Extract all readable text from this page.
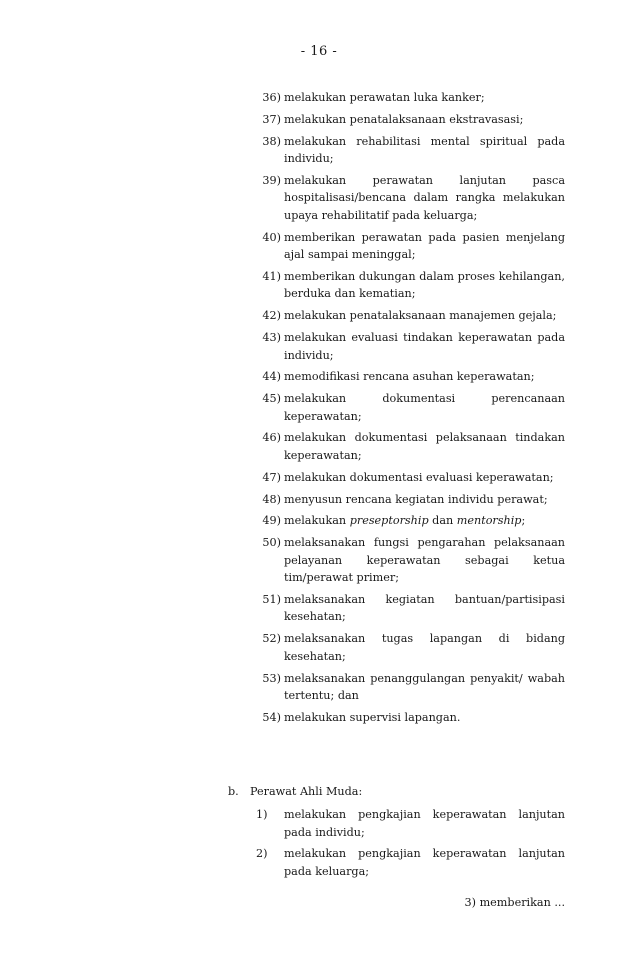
- 16 -
36) melakukan perawatan luka kanker;
37) melakukan penatalaksanaan ekstravasasi;
38) melakukan rehabilitasi mental spiritual pada individu;
39) melakukan perawatan lanjutan pasca hospitalisasi/bencana dalam rangka melakukan upaya rehabilitatif pada keluarga;
40) memberikan perawatan pada pasien menjelang ajal sampai meninggal;
41) memberikan dukungan dalam proses kehilangan, berduka dan kematian;
42) melakukan penatalaksanaan manajemen gejala;
43) melakukan evaluasi tindakan keperawatan pada individu;
44) memodifikasi rencana asuhan keperawatan;
45) melakukan dokumentasi perencanaan keperawatan;
46) melakukan dokumentasi pelaksanaan tindakan keperawatan;
47) melakukan dokumentasi evaluasi keperawatan;
48) menyusun rencana kegiatan individu perawat;
49) melakukan preseptorship dan mentorship;
50) melaksanakan fungsi pengarahan pelaksanaan pelayanan keperawatan sebagai ketua tim/perawat primer;
51) melaksanakan kegiatan bantuan/partisipasi kesehatan;
52) melaksanakan tugas lapangan di bidang kesehatan;
53) melaksanakan penanggulangan penyakit/ wabah tertentu; dan
54) melakukan supervisi lapangan.
b.	Perawat Ahli Muda:
1)	melakukan pengkajian keperawatan lanjutan pada individu;
2)	melakukan pengkajian keperawatan lanjutan pada keluarga;
3) memberikan ...
